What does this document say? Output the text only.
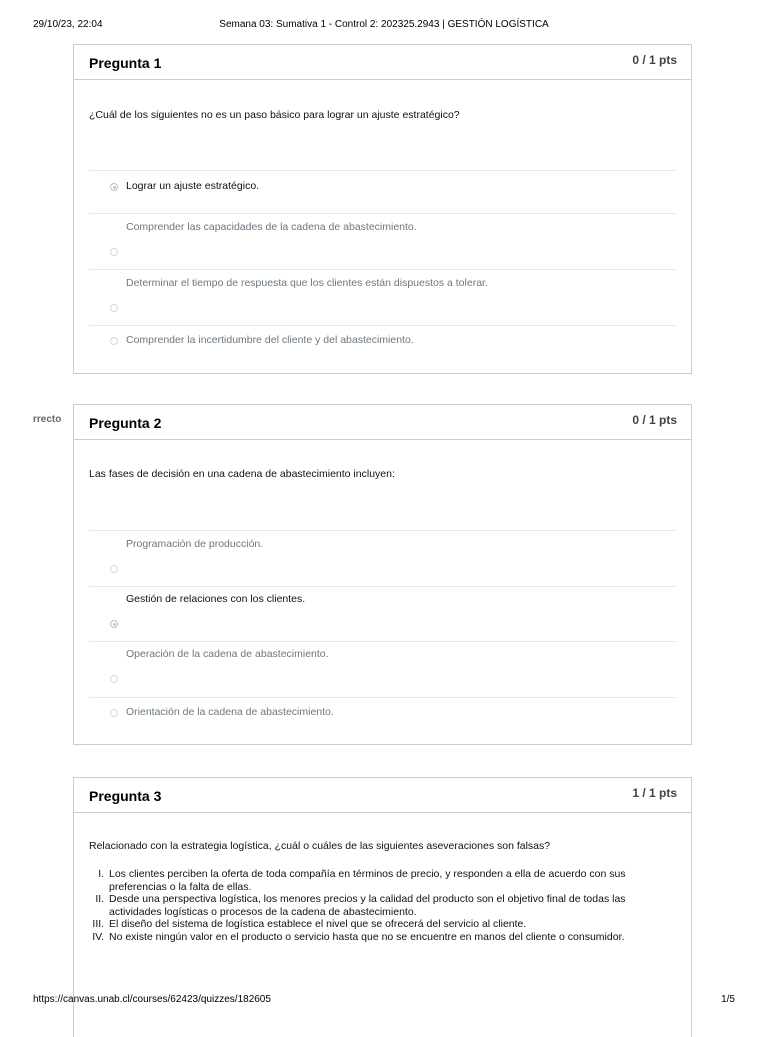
29/10/23, 22:04	Semana 03: Sumativa 1 - Control 2: 202325.2943 | GESTIÓN LOGÍSTICA
rrecto
Pregunta 1	0 / 1 pts
¿Cuál de los siguientes no es un paso básico para lograr un ajuste estratégico?
Lograr un ajuste estratégico.
Comprender las capacidades de la cadena de abastecimiento.
Determinar el tiempo de respuesta que los clientes están dispuestos a tolerar.
Comprender la incertidumbre del cliente y del abastecimiento.
Pregunta 2	0 / 1 pts
Las fases de decisión en una cadena de abastecimiento incluyen:
Programación de producción.
Gestión de relaciones con los clientes.
Operación de la cadena de abastecimiento.
Orientación de la cadena de abastecimiento.
Pregunta 3	1 / 1 pts
Relacionado con la estrategia logística, ¿cuál o cuáles de las siguientes aseveraciones son falsas?
I. Los clientes perciben la oferta de toda compañía en términos de precio, y responden a ella de acuerdo con sus preferencias o la falta de ellas.
II. Desde una perspectiva logística, los menores precios y la calidad del producto son el objetivo final de todas las actividades logísticas o procesos de la cadena de abastecimiento.
III. El diseño del sistema de logística establece el nivel que se ofrecerá del servicio al cliente.
IV. No existe ningún valor en el producto o servicio hasta que no se encuentre en manos del cliente o consumidor.
https://canvas.unab.cl/courses/62423/quizzes/182605	1/5
